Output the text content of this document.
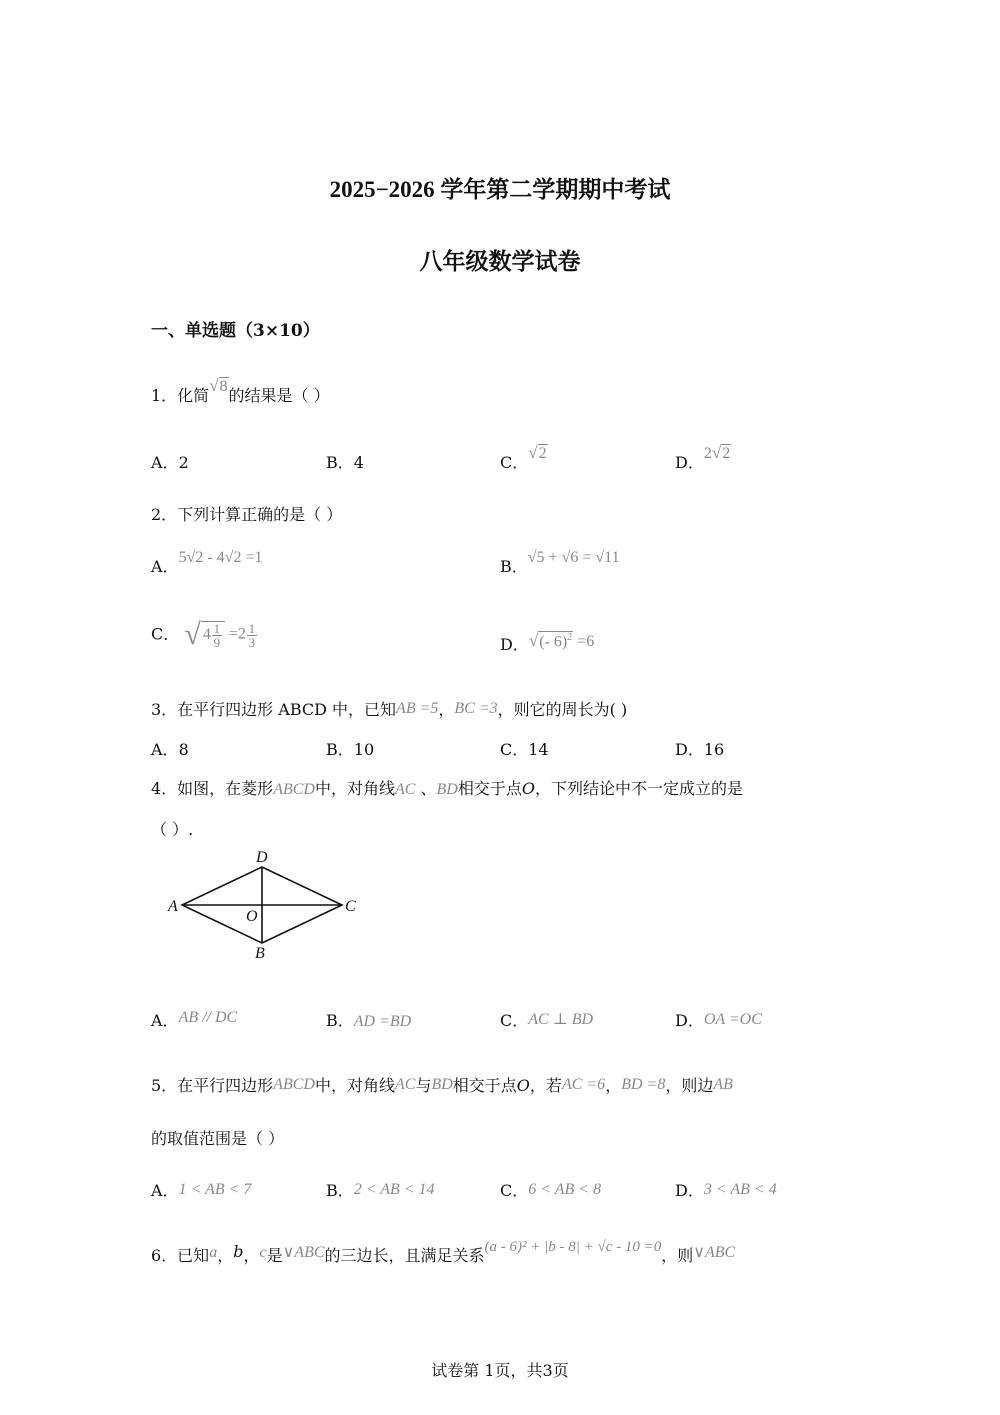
2025−2026 学年第二学期期中考试
八年级数学试卷
一、单选题（3×10）
1．化简√8的结果是（ ）
A．2	B．4	C．√2	D．2√2
2．下列计算正确的是（ ）
A．5√2 - 4√2 =1	B．√5 + √6 = √11
C． √ $4 \frac{1}{9} =2 \frac{1}{3}$	D．√(- 6)$^2$ =6
3．在平行四边形 ABCD 中，已知AB =5，BC =3，则它的周长为( )
A．8	B．10	C．14	D．16
4．如图，在菱形ABCD中，对角线AC 、BD相交于点O，下列结论中不一定成立的是
（ ）.
A
D
C
B
O
A．AB // DC	B．AD =BD	C．AC ⊥ BD	D．OA =OC
5．在平行四边形ABCD中，对角线AC与BD相交于点O，若AC =6，BD =8，则边AB
的取值范围是（ ）
A．1 < AB < 7	B．2 < AB < 14	C．6 < AB < 8	D．3 < AB < 4
6．已知a，b，c是∨ABC的三边长，且满足关系(a - 6)² + |b - 8| + √c - 10 =0，则∨ABC
试卷第 1页，共3页
